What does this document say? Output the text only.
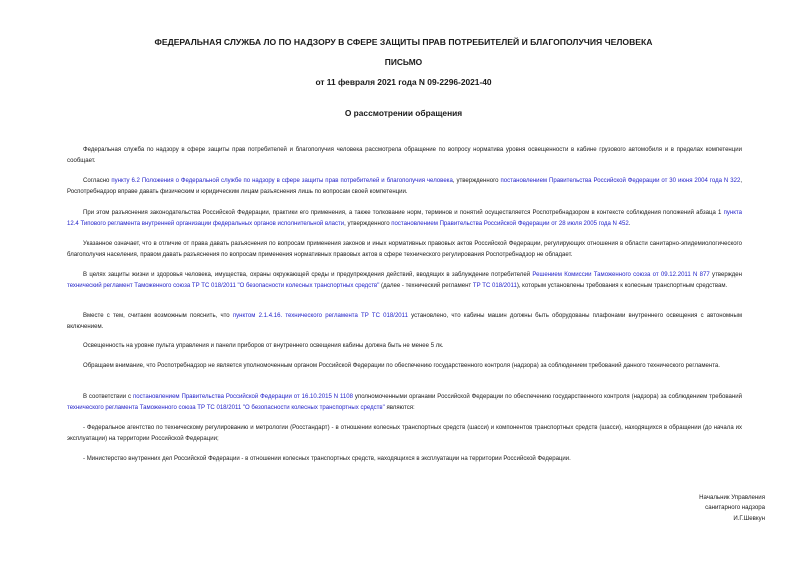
ФЕДЕРАЛЬНАЯ СЛУЖБА ЛО ПО НАДЗОРУ В СФЕРЕ ЗАЩИТЫ ПРАВ ПОТРЕБИТЕЛЕЙ И БЛАГОПОЛУЧИЯ ЧЕЛОВЕКА
ПИСЬМО
от 11 февраля 2021 года N 09-2296-2021-40
О рассмотрении обращения
Федеральная служба по надзору в сфере защиты прав потребителей и благополучия человека рассмотрела обращение по вопросу норматива уровня освещенности в кабине грузового автомобиля и в пределах компетенции сообщает.
Согласно пункту 6.2 Положения о Федеральной службе по надзору в сфере защиты прав потребителей и благополучия человека, утвержденного постановлением Правительства Российской Федерации от 30 июня 2004 года N 322, Роспотребнадзор вправе давать физическим и юридическим лицам разъяснения лишь по вопросам своей компетенции.
При этом разъяснения законодательства Российской Федерации, практики его применения, а также толкование норм, терминов и понятий осуществляется Роспотребнадзором в контексте соблюдения положений абзаца 1 пункта 12.4 Типового регламента внутренней организации федеральных органов исполнительной власти, утвержденного постановлением Правительства Российской Федерации от 28 июля 2005 года N 452.
Указанное означает, что в отличие от права давать разъяснения по вопросам применения законов и иных нормативных правовых актов Российской Федерации, регулирующих отношения в области санитарно-эпидемиологического благополучия населения, правом давать разъяснения по вопросам применения нормативных правовых актов в сфере технического регулирования Роспотребнадзор не обладает.
В целях защиты жизни и здоровья человека, имущества, охраны окружающей среды и предупреждения действий, вводящих в заблуждение потребителей Решением Комиссии Таможенного союза от 09.12.2011 N 877 утвержден технический регламент Таможенного союза ТР ТС 018/2011 "О безопасности колесных транспортных средств" (далее - технический регламент ТР ТС 018/2011), которым установлены требования к колесным транспортным средствам.
Вместе с тем, считаем возможным пояснить, что пунктом 2.1.4.16. технического регламента ТР ТС 018/2011 установлено, что кабины машин должны быть оборудованы плафонами внутреннего освещения с автономным включением.
Освещенность на уровне пульта управления и панели приборов от внутреннего освещения кабины должна быть не менее 5 лк.
Обращаем внимание, что Роспотребнадзор не является уполномоченным органом Российской Федерации по обеспечению государственного контроля (надзора) за соблюдением требований данного технического регламента.
В соответствии с постановлением Правительства Российской Федерации от 16.10.2015 N 1108 уполномоченными органами Российской Федерации по обеспечению государственного контроля (надзора) за соблюдением требований технического регламента Таможенного союза ТР ТС 018/2011 "О безопасности колесных транспортных средств" являются:
- Федеральное агентство по техническому регулированию и метрологии (Росстандарт) - в отношении колесных транспортных средств (шасси) и компонентов транспортных средств (шасси), находящихся в обращении (до начала их эксплуатации) на территории Российской Федерации;
- Министерство внутренних дел Российской Федерации - в отношении колесных транспортных средств, находящихся в эксплуатации на территории Российской Федерации.
Начальник Управления
санитарного надзора
И.Г.Шевкун
